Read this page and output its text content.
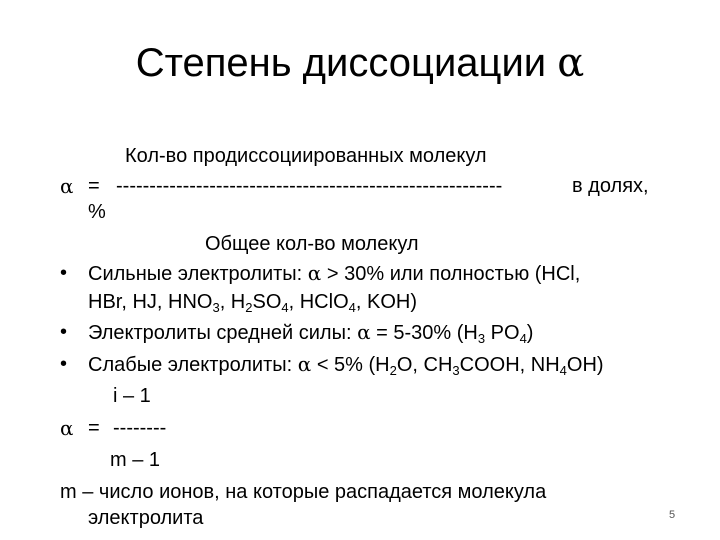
Степень диссоциации α
Кол-во продиссоциированных молекул
α = ----------------------------------------------------------	в долях,
%
Общее кол-во молекул
• Сильные электролиты: α > 30% или полностью (HCl,
HBr, HJ, $HNO_3$, $H_2SO_4$, HClO$_4$, KOH)
• Электролиты средней силы: α = 5-30% ($H_3$ $PO_4$)
• Слабые электролиты: α < 5% ($H_2O$, $CH_3COOH$, $NH_4OH$)
i – 1
α = --------
m – 1
m – число ионов, на которые распадается молекула
электролита	5
